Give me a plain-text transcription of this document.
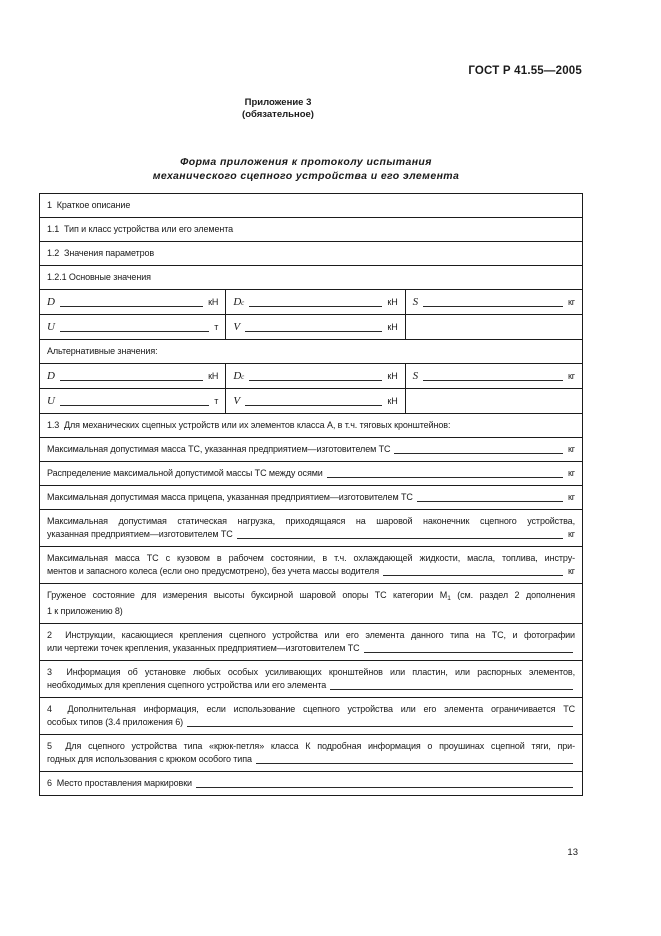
ГОСТ Р 41.55—2005
Приложение 3
(обязательное)
Форма приложения к протоколу испытания
механического сцепного устройства и его элемента
1  Краткое описание
1.1  Тип и класс устройства или его элемента
1.2  Значения параметров
1.2.1 Основные значения
D	кН D c	кН S	кг
U	т V	кН
Альтернативные значения:
D	кН D c	кН S	кг
U	т V	кН
1.3  Для механических сцепных устройств или их элементов класса А, в т.ч. тяговых кронштейнов:
Максимальная допустимая масса ТС, указанная предприятием—изготовителем ТС	кг
Распределение максимальной допустимой массы ТС между осями	кг
Максимальная допустимая масса прицепа, указанная предприятием—изготовителем ТС	кг
Максимальная допустимая статическая нагрузка, приходящаяся на шаровой наконечник сцепного устройства,
указанная предприятием—изготовителем ТС	кг
Максимальная масса ТС с кузовом в рабочем состоянии, в т.ч. охлаждающей жидкости, масла, топлива, инстру-
ментов и запасного колеса (если оно предусмотрено), без учета массы водителя	кг
Груженое состояние для измерения высоты буксирной шаровой опоры ТС категории $М_1$ (см. раздел 2 дополнения
1 к приложению 8)
2  Инструкции, касающиеся крепления сцепного устройства или его элемента данного типа на ТС, и фотографии
или чертежи точек крепления, указанных предприятием—изготовителем ТС
3  Информация об установке любых особых усиливающих кронштейнов или пластин, или распорных элементов,
необходимых для крепления сцепного устройства или его элемента
4  Дополнительная информация, если использование сцепного устройства или его элемента ограничивается ТС
особых типов (3.4 приложения 6)
5  Для сцепного устройства типа «крюк-петля» класса К подробная информация о проушинах сцепной тяги, при-
годных для использования с крюком особого типа
6  Место проставления маркировки
13
